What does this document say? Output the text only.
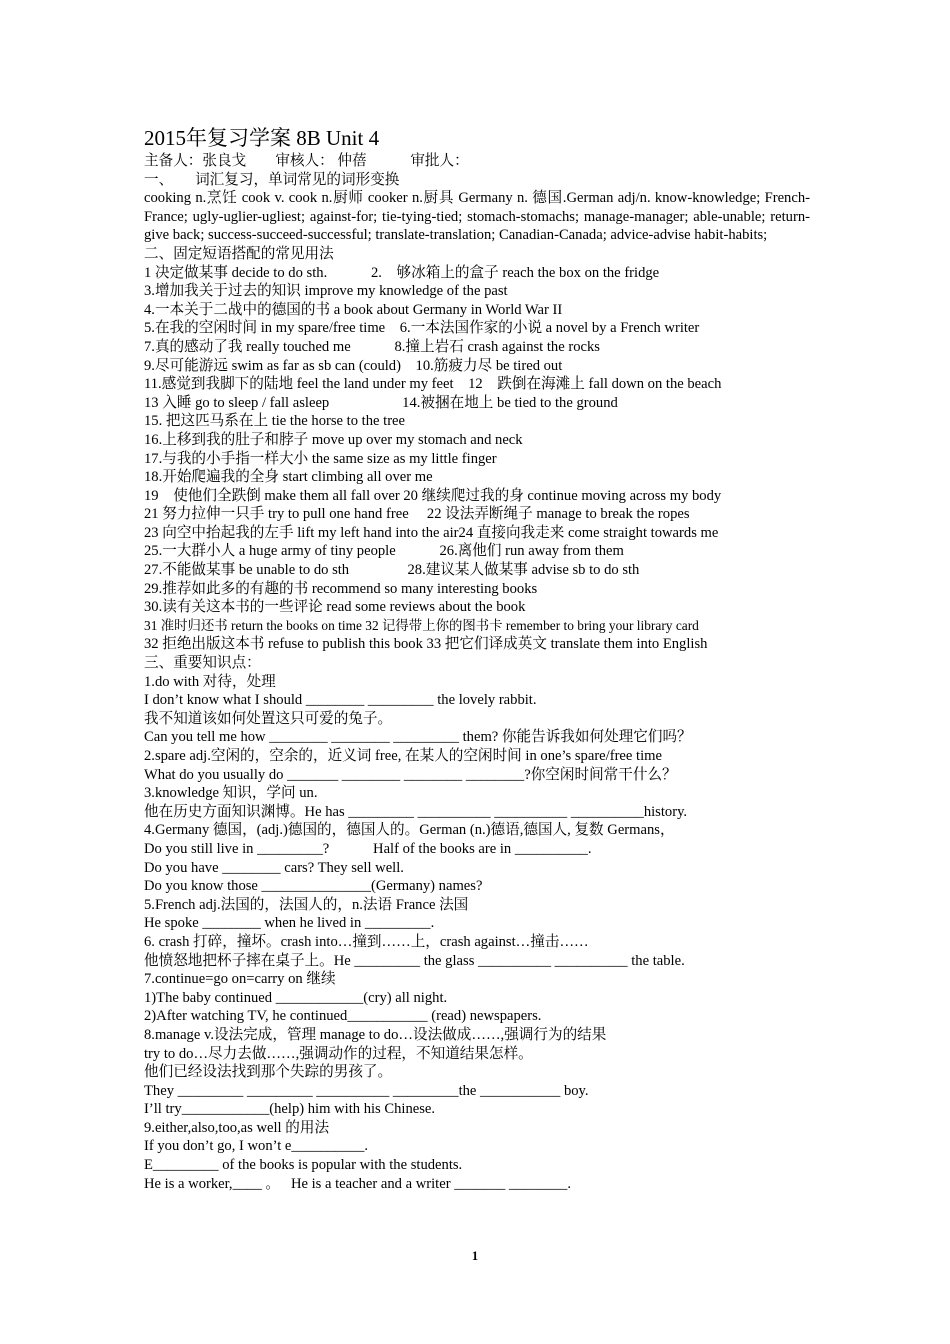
2015年复习学案 8B Unit 4
主备人：张良戈　　审核人： 仲蓓　　　审批人：
一、　　词汇复习，单词常见的词形变换
cooking n.烹饪 cook v. cook n.厨师 cooker n.厨具 Germany n. 德国.German adj/n. know-knowledge; French-France; ugly-uglier-ugliest; against-for; tie-tying-tied; stomach-stomachs; manage-manager; able-unable; return-give back; success-succeed-successful; translate-translation; Canadian-Canada; advice-advise habit-habits;
二、固定短语搭配的常见用法
1 决定做某事 decide to do sth.　　　2.　够冰箱上的盒子 reach the box on the fridge
3.增加我关于过去的知识 improve my knowledge of the past
4.一本关于二战中的德国的书 a book about Germany in World War II
5.在我的空闲时间 in my spare/free time　6.一本法国作家的小说 a novel by a French writer
7.真的感动了我 really touched me　　　8.撞上岩石 crash against the rocks
9.尽可能游远 swim as far as sb can (could)　10.筋疲力尽 be tired out
11.感觉到我脚下的陆地 feel the land under my feet　12　跌倒在海滩上 fall down on the beach
13 入睡 go to sleep / fall asleep　　　　　14.被捆在地上 be tied to the ground
15. 把这匹马系在上 tie the horse to the tree
16.上移到我的肚子和脖子 move up over my stomach and neck
17.与我的小手指一样大小 the same size as my little finger
18.开始爬遍我的全身 start climbing all over me
19　使他们全跌倒 make them all fall over 20 继续爬过我的身 continue moving across my body
21 努力拉伸一只手 try to pull one hand free　 22 设法弄断绳子 manage to break the ropes
23 向空中抬起我的左手 lift my left hand into the air24 直接向我走来 come straight towards me
25.一大群小人 a huge army of tiny people　　　26.离他们 run away from them
27.不能做某事 be unable to do sth　　　　28.建议某人做某事 advise sb to do sth
29.推荐如此多的有趣的书 recommend so many interesting books
30.读有关这本书的一些评论 read some reviews about the book
31 准时归还书 return the books on time 32 记得带上你的图书卡 remember to bring your library card
32 拒绝出版这本书 refuse to publish this book 33 把它们译成英文 translate them into English
三、重要知识点：
1.do with 对待，处理
I don’t know what I should ________ _________ the lovely rabbit.
我不知道该如何处置这只可爱的兔子。
Can you tell me how ________ ________ _________ them? 你能告诉我如何处理它们吗？
2.spare adj.空闲的，空余的，近义词 free, 在某人的空闲时间 in one’s spare/free time
What do you usually do _______ ________ ________ ________?你空闲时间常干什么？
3.knowledge 知识，学问 un.
他在历史方面知识渊博。He has _________ __________ __________ __________history.
4.Germany 德国，(adj.)德国的，德国人的。German (n.)德语,德国人, 复数 Germans，
Do you still live in _________?　　　Half of the books are in __________.
Do you have ________ cars? They sell well.
Do you know those _______________(Germany) names?
5.French adj.法国的，法国人的，n.法语 France 法国
He spoke ________ when he lived in _________.
6. crash 打碎，撞坏。crash into…撞到……上，crash against…撞击……
他愤怒地把杯子摔在桌子上。He _________ the glass __________ __________ the table.
7.continue=go on=carry on 继续
1)The baby continued ____________(cry) all night.
2)After watching TV, he continued___________ (read) newspapers.
8.manage v.设法完成，管理 manage to do…设法做成……,强调行为的结果
try to do…尽力去做……,强调动作的过程，不知道结果怎样。
他们已经设法找到那个失踪的男孩了。
They _________ _________ __________ _________the ___________ boy.
I’ll try____________(help) him with his Chinese.
9.either,also,too,as well 的用法
If you don’t go, I won’t e__________.
E_________ of the books is popular with the students.
He is a worker,____ 。　 He is a teacher and a writer _______ ________.
1
